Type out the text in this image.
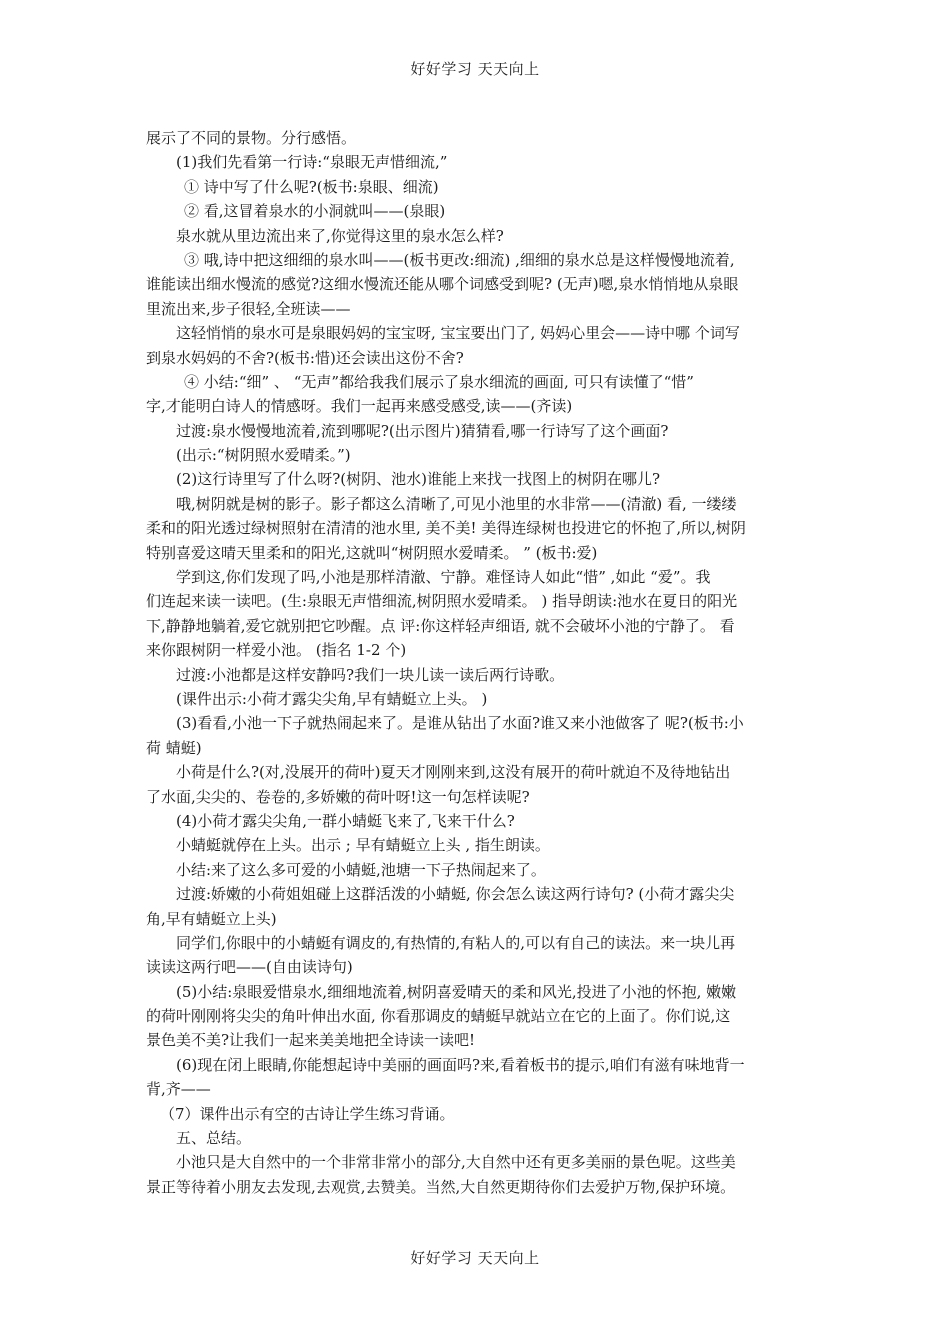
好好学习 天天向上
展示了不同的景物。分行感悟。
(1)我们先看第一行诗:“泉眼无声惜细流,”
① 诗中写了什么呢?(板书:泉眼、细流)
② 看,这冒着泉水的小洞就叫——(泉眼)
泉水就从里边流出来了,你觉得这里的泉水怎么样?
③ 哦,诗中把这细细的泉水叫——(板书更改:细流) ,细细的泉水总是这样慢慢地流着,
谁能读出细水慢流的感觉?这细水慢流还能从哪个词感受到呢? (无声)嗯,泉水悄悄地从泉眼
里流出来,步子很轻,全班读——
这轻悄悄的泉水可是泉眼妈妈的宝宝呀, 宝宝要出门了, 妈妈心里会——诗中哪 个词写
到泉水妈妈的不舍?(板书:惜)还会读出这份不舍?
④ 小结:“细” 、 “无声”都给我我们展示了泉水细流的画面, 可只有读懂了“惜”
字,才能明白诗人的情感呀。我们一起再来感受感受,读——(齐读)
过渡:泉水慢慢地流着,流到哪呢?(出示图片)猜猜看,哪一行诗写了这个画面?
(出示:“树阴照水爱晴柔。”)
(2)这行诗里写了什么呀?(树阴、池水)谁能上来找一找图上的树阴在哪儿?
哦,树阴就是树的影子。影子都这么清晰了,可见小池里的水非常——(清澈) 看, 一缕缕
柔和的阳光透过绿树照射在清清的池水里, 美不美! 美得连绿树也投进它的怀抱了,所以,树阴
特别喜爱这晴天里柔和的阳光,这就叫“树阴照水爱晴柔。 ” (板书:爱)
学到这,你们发现了吗,小池是那样清澈、宁静。难怪诗人如此“惜” ,如此 “爱”。我
们连起来读一读吧。(生:泉眼无声惜细流,树阴照水爱晴柔。 ) 指导朗读:池水在夏日的阳光
下,静静地躺着,爱它就别把它吵醒。点 评:你这样轻声细语, 就不会破坏小池的宁静了。 看
来你跟树阴一样爱小池。 (指名 1-2 个)
过渡:小池都是这样安静吗?我们一块儿读一读后两行诗歌。
(课件出示:小荷才露尖尖角,早有蜻蜓立上头。 )
(3)看看,小池一下子就热闹起来了。是谁从钻出了水面?谁又来小池做客了 呢?(板书:小
荷 蜻蜓)
小荷是什么?(对,没展开的荷叶)夏天才刚刚来到,这没有展开的荷叶就迫不及待地钻出
了水面,尖尖的、卷卷的,多娇嫩的荷叶呀!这一句怎样读呢?
(4)小荷才露尖尖角,一群小蜻蜓飞来了,飞来干什么?
小蜻蜓就停在上头。出示 ; 早有蜻蜓立上头 , 指生朗读。
小结:来了这么多可爱的小蜻蜓,池塘一下子热闹起来了。
过渡:娇嫩的小荷姐姐碰上这群活泼的小蜻蜓, 你会怎么读这两行诗句? (小荷才露尖尖
角,早有蜻蜓立上头)
同学们,你眼中的小蜻蜓有调皮的,有热情的,有粘人的,可以有自己的读法。来一块儿再
读读这两行吧——(自由读诗句)
(5)小结:泉眼爱惜泉水,细细地流着,树阴喜爱晴天的柔和风光,投进了小池的怀抱, 嫩嫩
的荷叶刚刚将尖尖的角叶伸出水面, 你看那调皮的蜻蜓早就站立在它的上面了。你们说,这
景色美不美?让我们一起来美美地把全诗读一读吧!
(6)现在闭上眼睛,你能想起诗中美丽的画面吗?来,看着板书的提示,咱们有滋有味地背一
背,齐——
（7）课件出示有空的古诗让学生练习背诵。
五、总结。
小池只是大自然中的一个非常非常小的部分,大自然中还有更多美丽的景色呢。这些美
景正等待着小朋友去发现,去观赏,去赞美。当然,大自然更期待你们去爱护万物,保护环境。
好好学习 天天向上
